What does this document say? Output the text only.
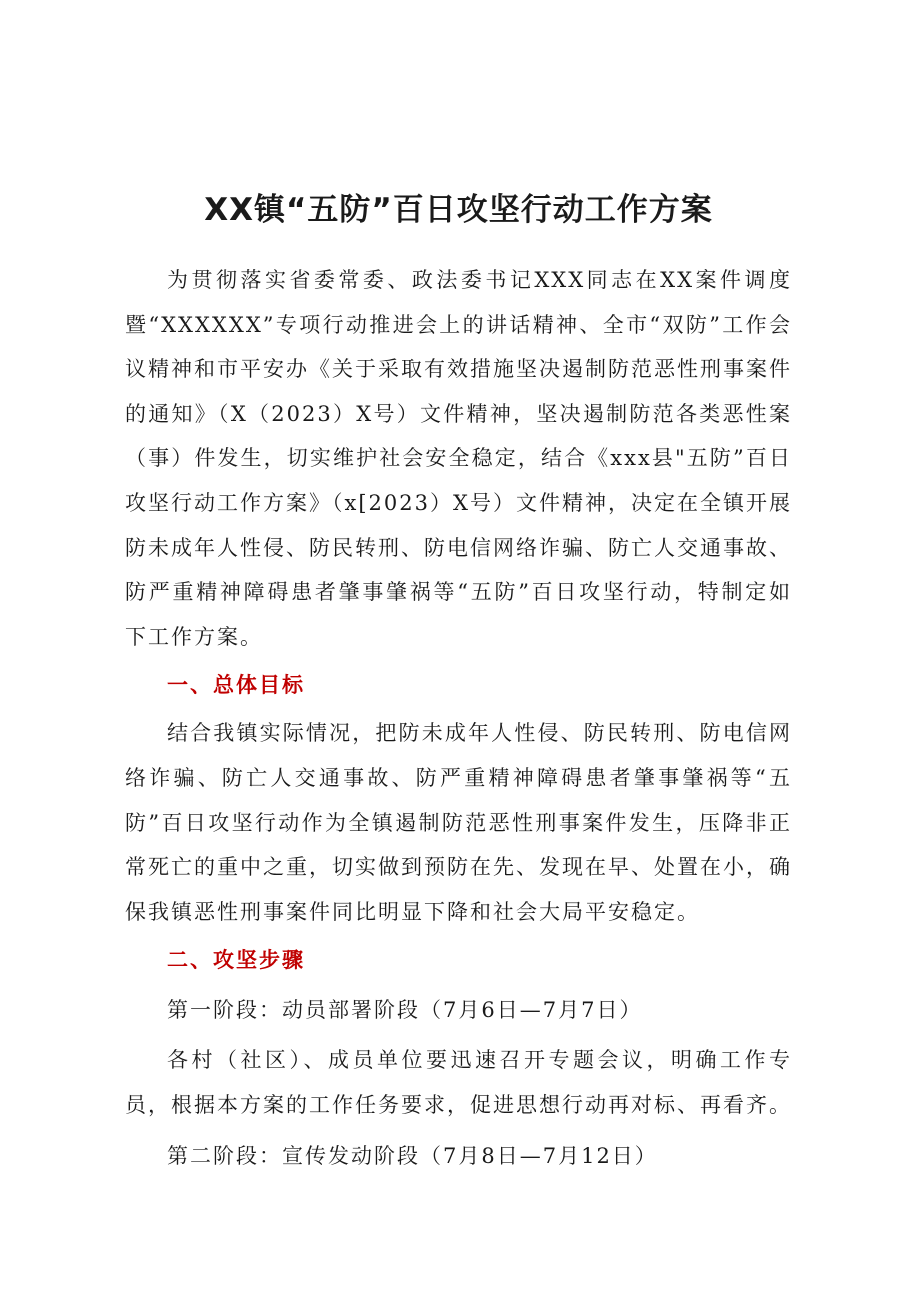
XX镇“五防”百日攻坚行动工作方案

为贯彻落实省委常委、政法委书记XXX同志在XX案件调度暨“XXXXXX”专项行动推进会上的讲话精神、全市“双防”工作会议精神和市平安办《关于采取有效措施坚决遏制防范恶性刑事案件的通知》（X（2023）X号）文件精神，坚决遏制防范各类恶性案（事）件发生，切实维护社会安全稳定，结合《xxx县"五防”百日攻坚行动工作方案》（x[2023）X号）文件精神，决定在全镇开展防未成年人性侵、防民转刑、防电信网络诈骗、防亡人交通事故、防严重精神障碍患者肇事肇祸等“五防”百日攻坚行动，特制定如下工作方案。

一、总体目标

结合我镇实际情况，把防未成年人性侵、防民转刑、防电信网络诈骗、防亡人交通事故、防严重精神障碍患者肇事肇祸等“五防”百日攻坚行动作为全镇遏制防范恶性刑事案件发生，压降非正常死亡的重中之重，切实做到预防在先、发现在早、处置在小，确保我镇恶性刑事案件同比明显下降和社会大局平安稳定。

二、攻坚步骤

第一阶段：动员部署阶段（7月6日—7月7日）

各村（社区）、成员单位要迅速召开专题会议，明确工作专员，根据本方案的工作任务要求，促进思想行动再对标、再看齐。

第二阶段：宣传发动阶段（7月8日—7月12日）
